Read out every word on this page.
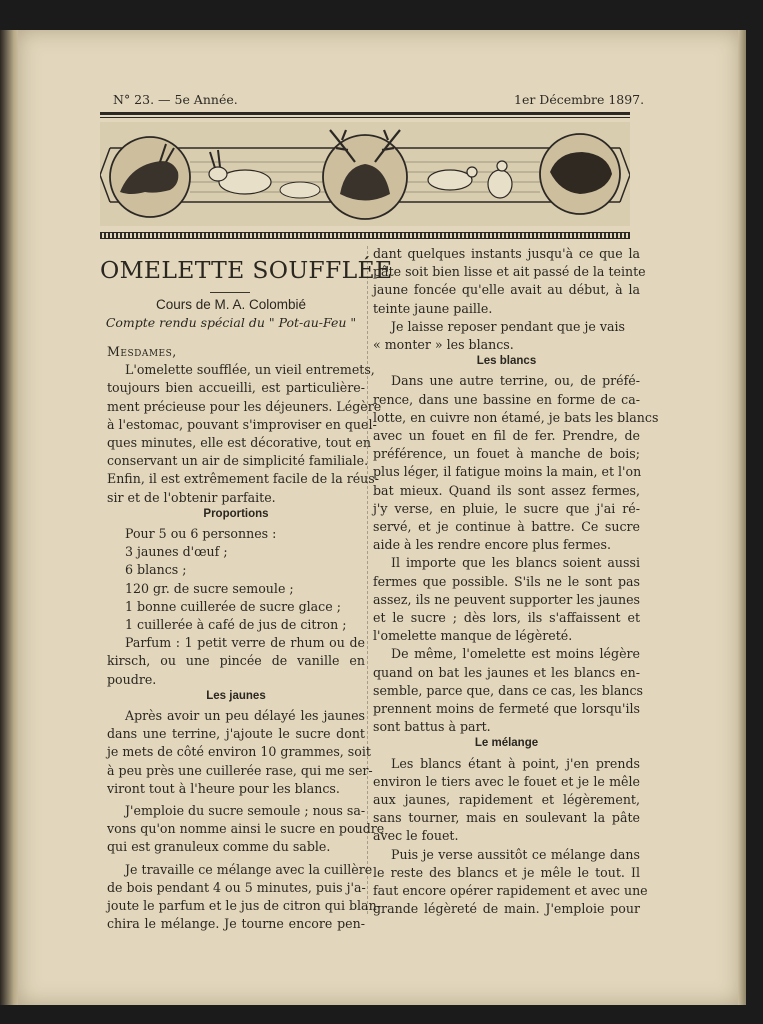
N° 23. — 5e Année.	1er Décembre 1897.
OMELETTE SOUFFLÉE
Cours de M. A. Colombié
Compte rendu spécial du " Pot-au-Feu "
Mesdames,
L'omelette soufflée, un vieil entremets,
toujours bien accueilli, est particulière-
ment précieuse pour les déjeuners. Légère
à l'estomac, pouvant s'improviser en quel-
ques minutes, elle est décorative, tout en
conservant un air de simplicité familiale.
Enfin, il est extrêmement facile de la réus-
sir et de l'obtenir parfaite.
Proportions
Pour 5 ou 6 personnes :
3 jaunes d'œuf ;
6 blancs ;
120 gr. de sucre semoule ;
1 bonne cuillerée de sucre glace ;
1 cuillerée à café de jus de citron ;
Parfum : 1 petit verre de rhum ou de
kirsch, ou une pincée de vanille en
poudre.
Les jaunes
Après avoir un peu délayé les jaunes
dans une terrine, j'ajoute le sucre dont
je mets de côté environ 10 grammes, soit
à peu près une cuillerée rase, qui me ser-
viront tout à l'heure pour les blancs.
J'emploie du sucre semoule ; nous sa-
vons qu'on nomme ainsi le sucre en poudre
qui est granuleux comme du sable.
Je travaille ce mélange avec la cuillère
de bois pendant 4 ou 5 minutes, puis j'a-
joute le parfum et le jus de citron qui blan-
chira le mélange. Je tourne encore pen-
dant quelques instants jusqu'à ce que la
pâte soit bien lisse et ait passé de la teinte
jaune foncée qu'elle avait au début, à la
teinte jaune paille.
Je laisse reposer pendant que je vais
« monter » les blancs.
Les blancs
Dans une autre terrine, ou, de préfé-
rence, dans une bassine en forme de ca-
lotte, en cuivre non étamé, je bats les blancs
avec un fouet en fil de fer. Prendre, de
préférence, un fouet à manche de bois;
plus léger, il fatigue moins la main, et l'on
bat mieux. Quand ils sont assez fermes,
j'y verse, en pluie, le sucre que j'ai ré-
servé, et je continue à battre. Ce sucre
aide à les rendre encore plus fermes.
Il importe que les blancs soient aussi
fermes que possible. S'ils ne le sont pas
assez, ils ne peuvent supporter les jaunes
et le sucre ; dès lors, ils s'affaissent et
l'omelette manque de légèreté.
De même, l'omelette est moins légère
quand on bat les jaunes et les blancs en-
semble, parce que, dans ce cas, les blancs
prennent moins de fermeté que lorsqu'ils
sont battus à part.
Le mélange
Les blancs étant à point, j'en prends
environ le tiers avec le fouet et je le mêle
aux jaunes, rapidement et légèrement,
sans tourner, mais en soulevant la pâte
avec le fouet.
Puis je verse aussitôt ce mélange dans
le reste des blancs et je mêle le tout. Il
faut encore opérer rapidement et avec une
grande légèreté de main. J'emploie pour
